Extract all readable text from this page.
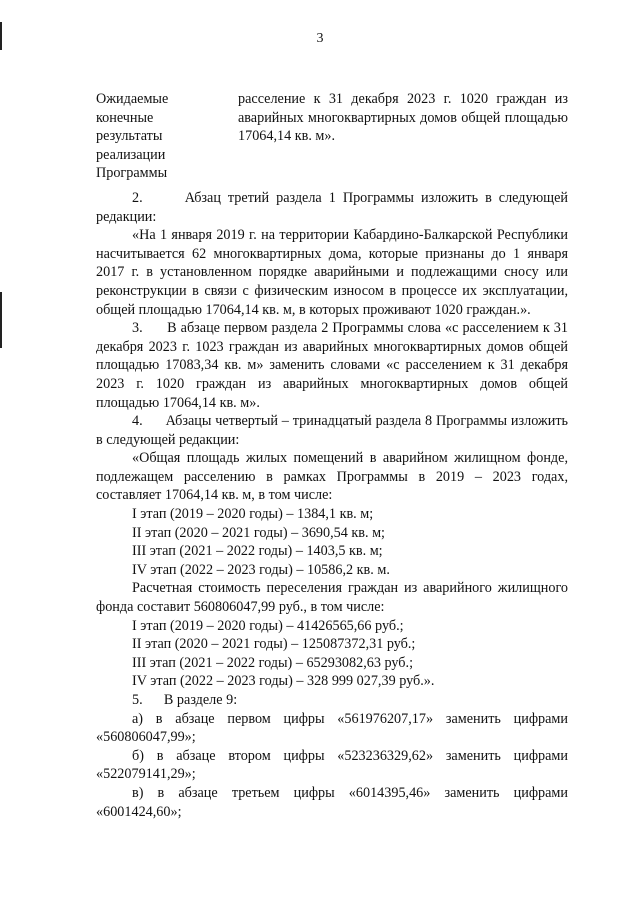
3
Ожидаемые
конечные
результаты
реализации
Программы
расселение к 31 декабря 2023 г. 1020 граждан из аварийных многоквартирных домов общей площадью 17064,14 кв. м».

2.      Абзац третий раздела 1 Программы изложить в следующей редакции:

«На 1 января 2019 г. на территории Кабардино-Балкарской Республики насчитывается 62 многоквартирных дома, которые признаны до 1 января 2017 г. в установленном порядке аварийными и подлежащими сносу или реконструкции в связи с физическим износом в процессе их эксплуатации, общей площадью 17064,14 кв. м, в которых проживают 1020 граждан.».

3.      В абзаце первом раздела 2 Программы слова «с расселением к 31 декабря 2023 г. 1023 граждан из аварийных многоквартирных домов общей площадью 17083,34 кв. м» заменить словами «с расселением к 31 декабря 2023 г. 1020 граждан из аварийных многоквартирных домов общей площадью 17064,14 кв. м».

4.      Абзацы четвертый – тринадцатый раздела 8 Программы изложить в следующей редакции:

«Общая площадь жилых помещений в аварийном жилищном фонде, подлежащем расселению в рамках Программы в 2019 – 2023 годах, составляет 17064,14 кв. м, в том числе:

I этап (2019 – 2020 годы) – 1384,1 кв. м;

II этап (2020 – 2021 годы) – 3690,54 кв. м;

III этап (2021 – 2022 годы) – 1403,5 кв. м;

IV этап (2022 – 2023 годы) – 10586,2 кв. м.

Расчетная стоимость переселения граждан из аварийного жилищного фонда составит 560806047,99 руб., в том числе:

I этап (2019 – 2020 годы) – 41426565,66 руб.;

II этап (2020 – 2021 годы) – 125087372,31 руб.;

III этап (2021 – 2022 годы) – 65293082,63 руб.;

IV этап (2022 – 2023 годы) – 328 999 027,39 руб.».

5.      В разделе 9:

а) в абзаце первом цифры «561976207,17» заменить цифрами «560806047,99»;

б) в абзаце втором цифры «523236329,62» заменить цифрами «522079141,29»;

в) в абзаце третьем цифры «6014395,46» заменить цифрами «6001424,60»;
